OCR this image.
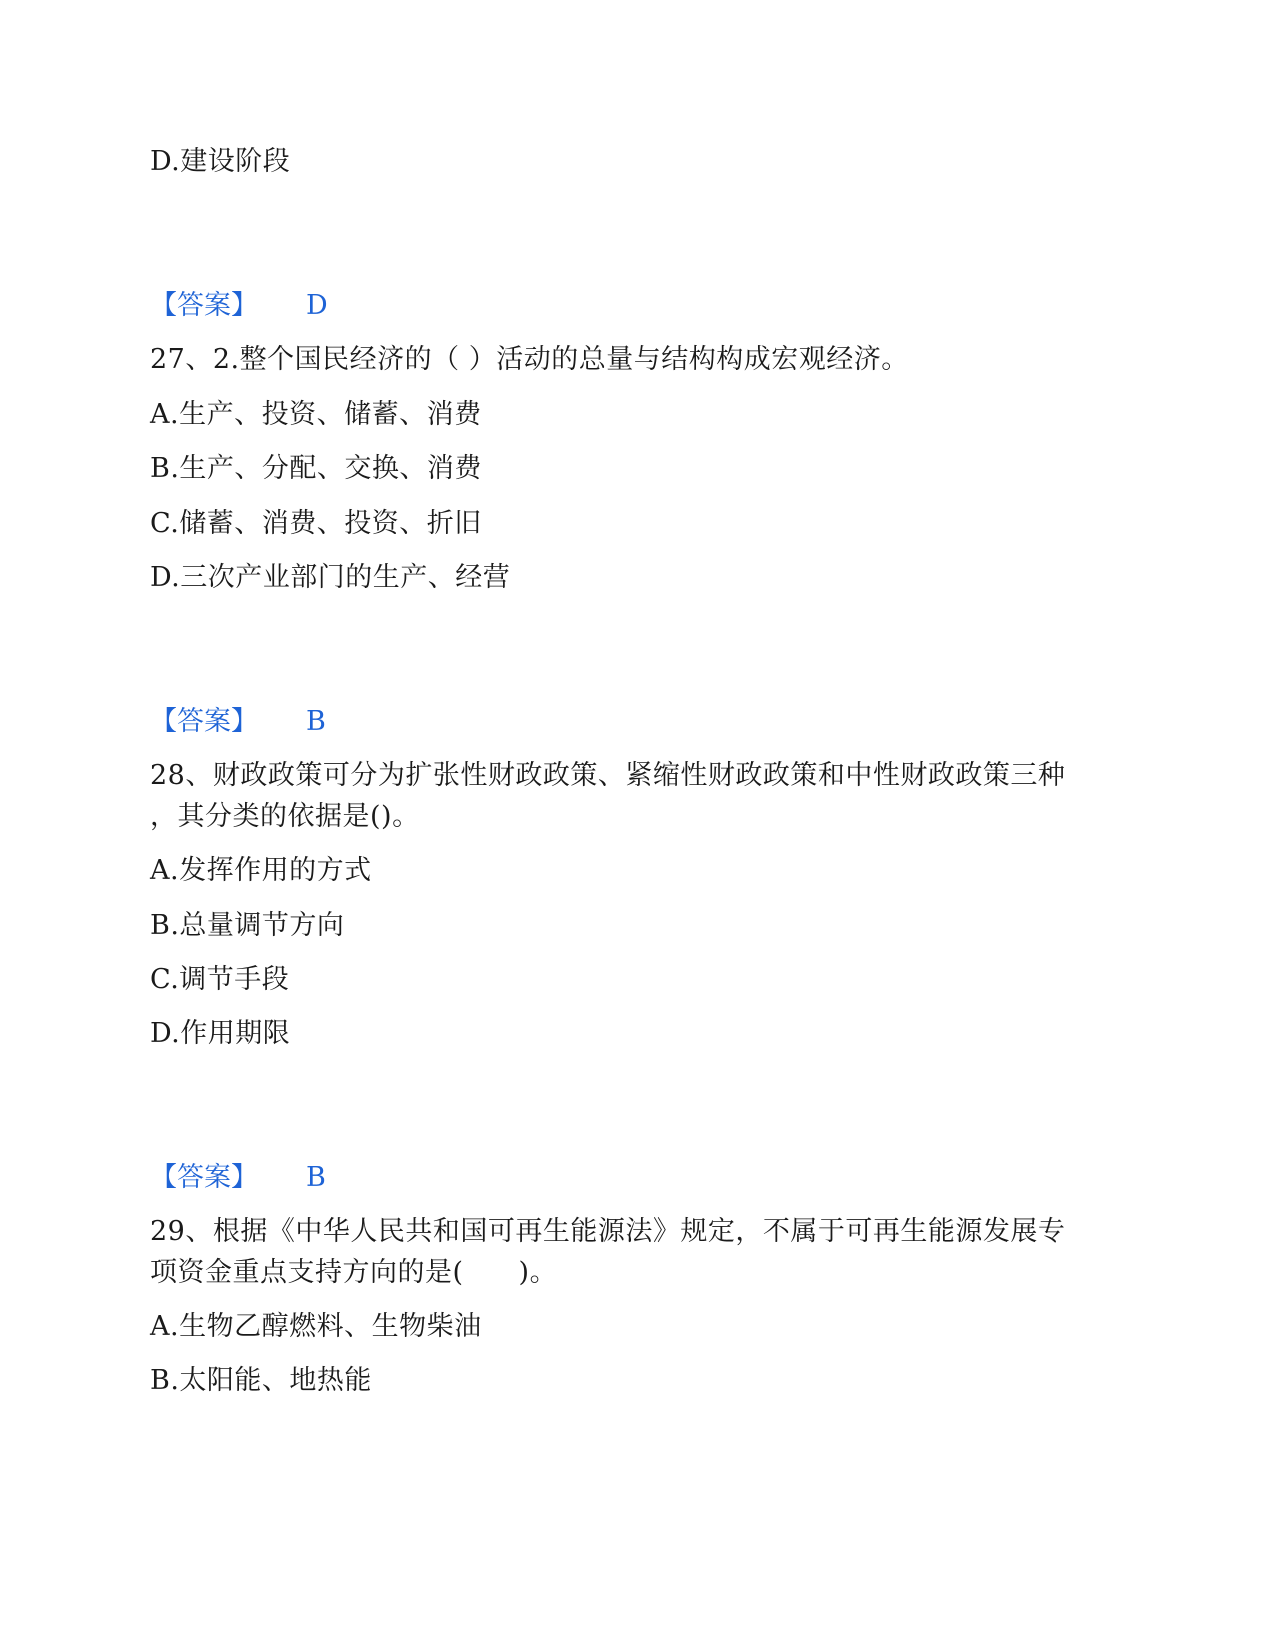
D.建设阶段
【答案】 D
27、2.整个国民经济的（ ）活动的总量与结构构成宏观经济。
A.生产、投资、储蓄、消费
B.生产、分配、交换、消费
C.储蓄、消费、投资、折旧
D.三次产业部门的生产、经营
【答案】 B
28、财政政策可分为扩张性财政政策、紧缩性财政政策和中性财政政策三种
，其分类的依据是()。
A.发挥作用的方式
B.总量调节方向
C.调节手段
D.作用期限
【答案】 B
29、根据《中华人民共和国可再生能源法》规定，不属于可再生能源发展专
项资金重点支持方向的是(　　)。
A.生物乙醇燃料、生物柴油
B.太阳能、地热能
